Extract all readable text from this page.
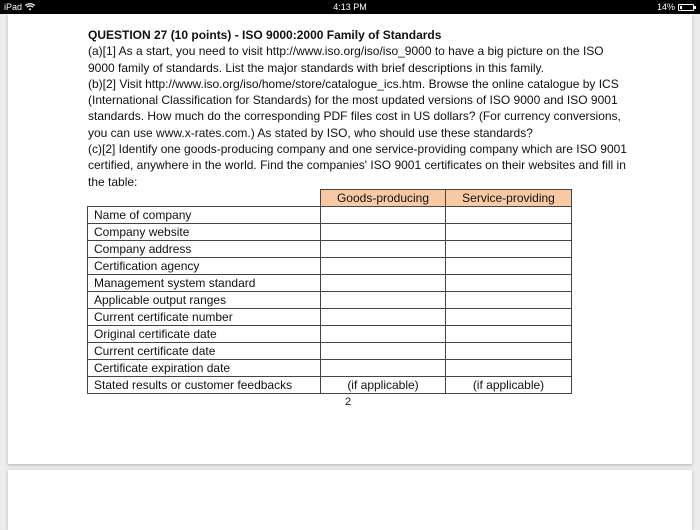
iPad	4:13 PM	14%

QUESTION 27 (10 points) - ISO 9000:2000 Family of Standards

(a)[1] As a start, you need to visit http://www.iso.org/iso/iso_9000 to have a big picture on the ISO 9000 family of standards. List the major standards with brief descriptions in this family.

(b)[2] Visit http://www.iso.org/iso/home/store/catalogue_ics.htm. Browse the online catalogue by ICS (International Classification for Standards) for the most updated versions of ISO 9000 and ISO 9001 standards. How much do the corresponding PDF files cost in US dollars? (For currency conversions, you can use www.x-rates.com.) As stated by ISO, who should use these standards?

(c)[2] Identify one goods-producing company and one service-providing company which are ISO 9001 certified, anywhere in the world. Find the companies' ISO 9001 certificates on their websites and fill in the table:

	Goods-producing	Service-providing
Name of company		
Company website		
Company address		
Certification agency		
Management system standard		
Applicable output ranges		
Current certificate number		
Original certificate date		
Current certificate date		
Certificate expiration date		
Stated results or customer feedbacks	(if applicable)	(if applicable)
2
